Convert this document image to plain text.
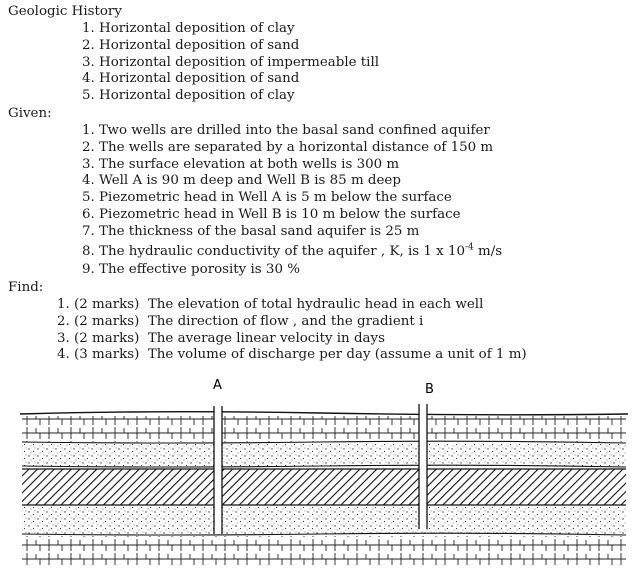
Geologic History
1. Horizontal deposition of clay
2. Horizontal deposition of sand
3. Horizontal deposition of impermeable till
4. Horizontal deposition of sand
5. Horizontal deposition of clay
Given:
1. Two wells are drilled into the basal sand confined aquifer
2. The wells are separated by a horizontal distance of 150 m
3. The surface elevation at both wells is 300 m
4. Well A is 90 m deep and Well B is 85 m deep
5. Piezometric head in Well A is 5 m below the surface
6. Piezometric head in Well B is 10 m below the surface
7. The thickness of the basal sand aquifer is 25 m
8. The hydraulic conductivity of the aquifer , K, is 1 x $10^{-4}$ m/s
9. The effective porosity is 30 %
Find:
1. (2 marks) The elevation of total hydraulic head in each well
2. (2 marks) The direction of flow , and the gradient i
3. (2 marks) The average linear velocity in days
4. (3 marks) The volume of discharge per day (assume a unit of 1 m)
A	B
